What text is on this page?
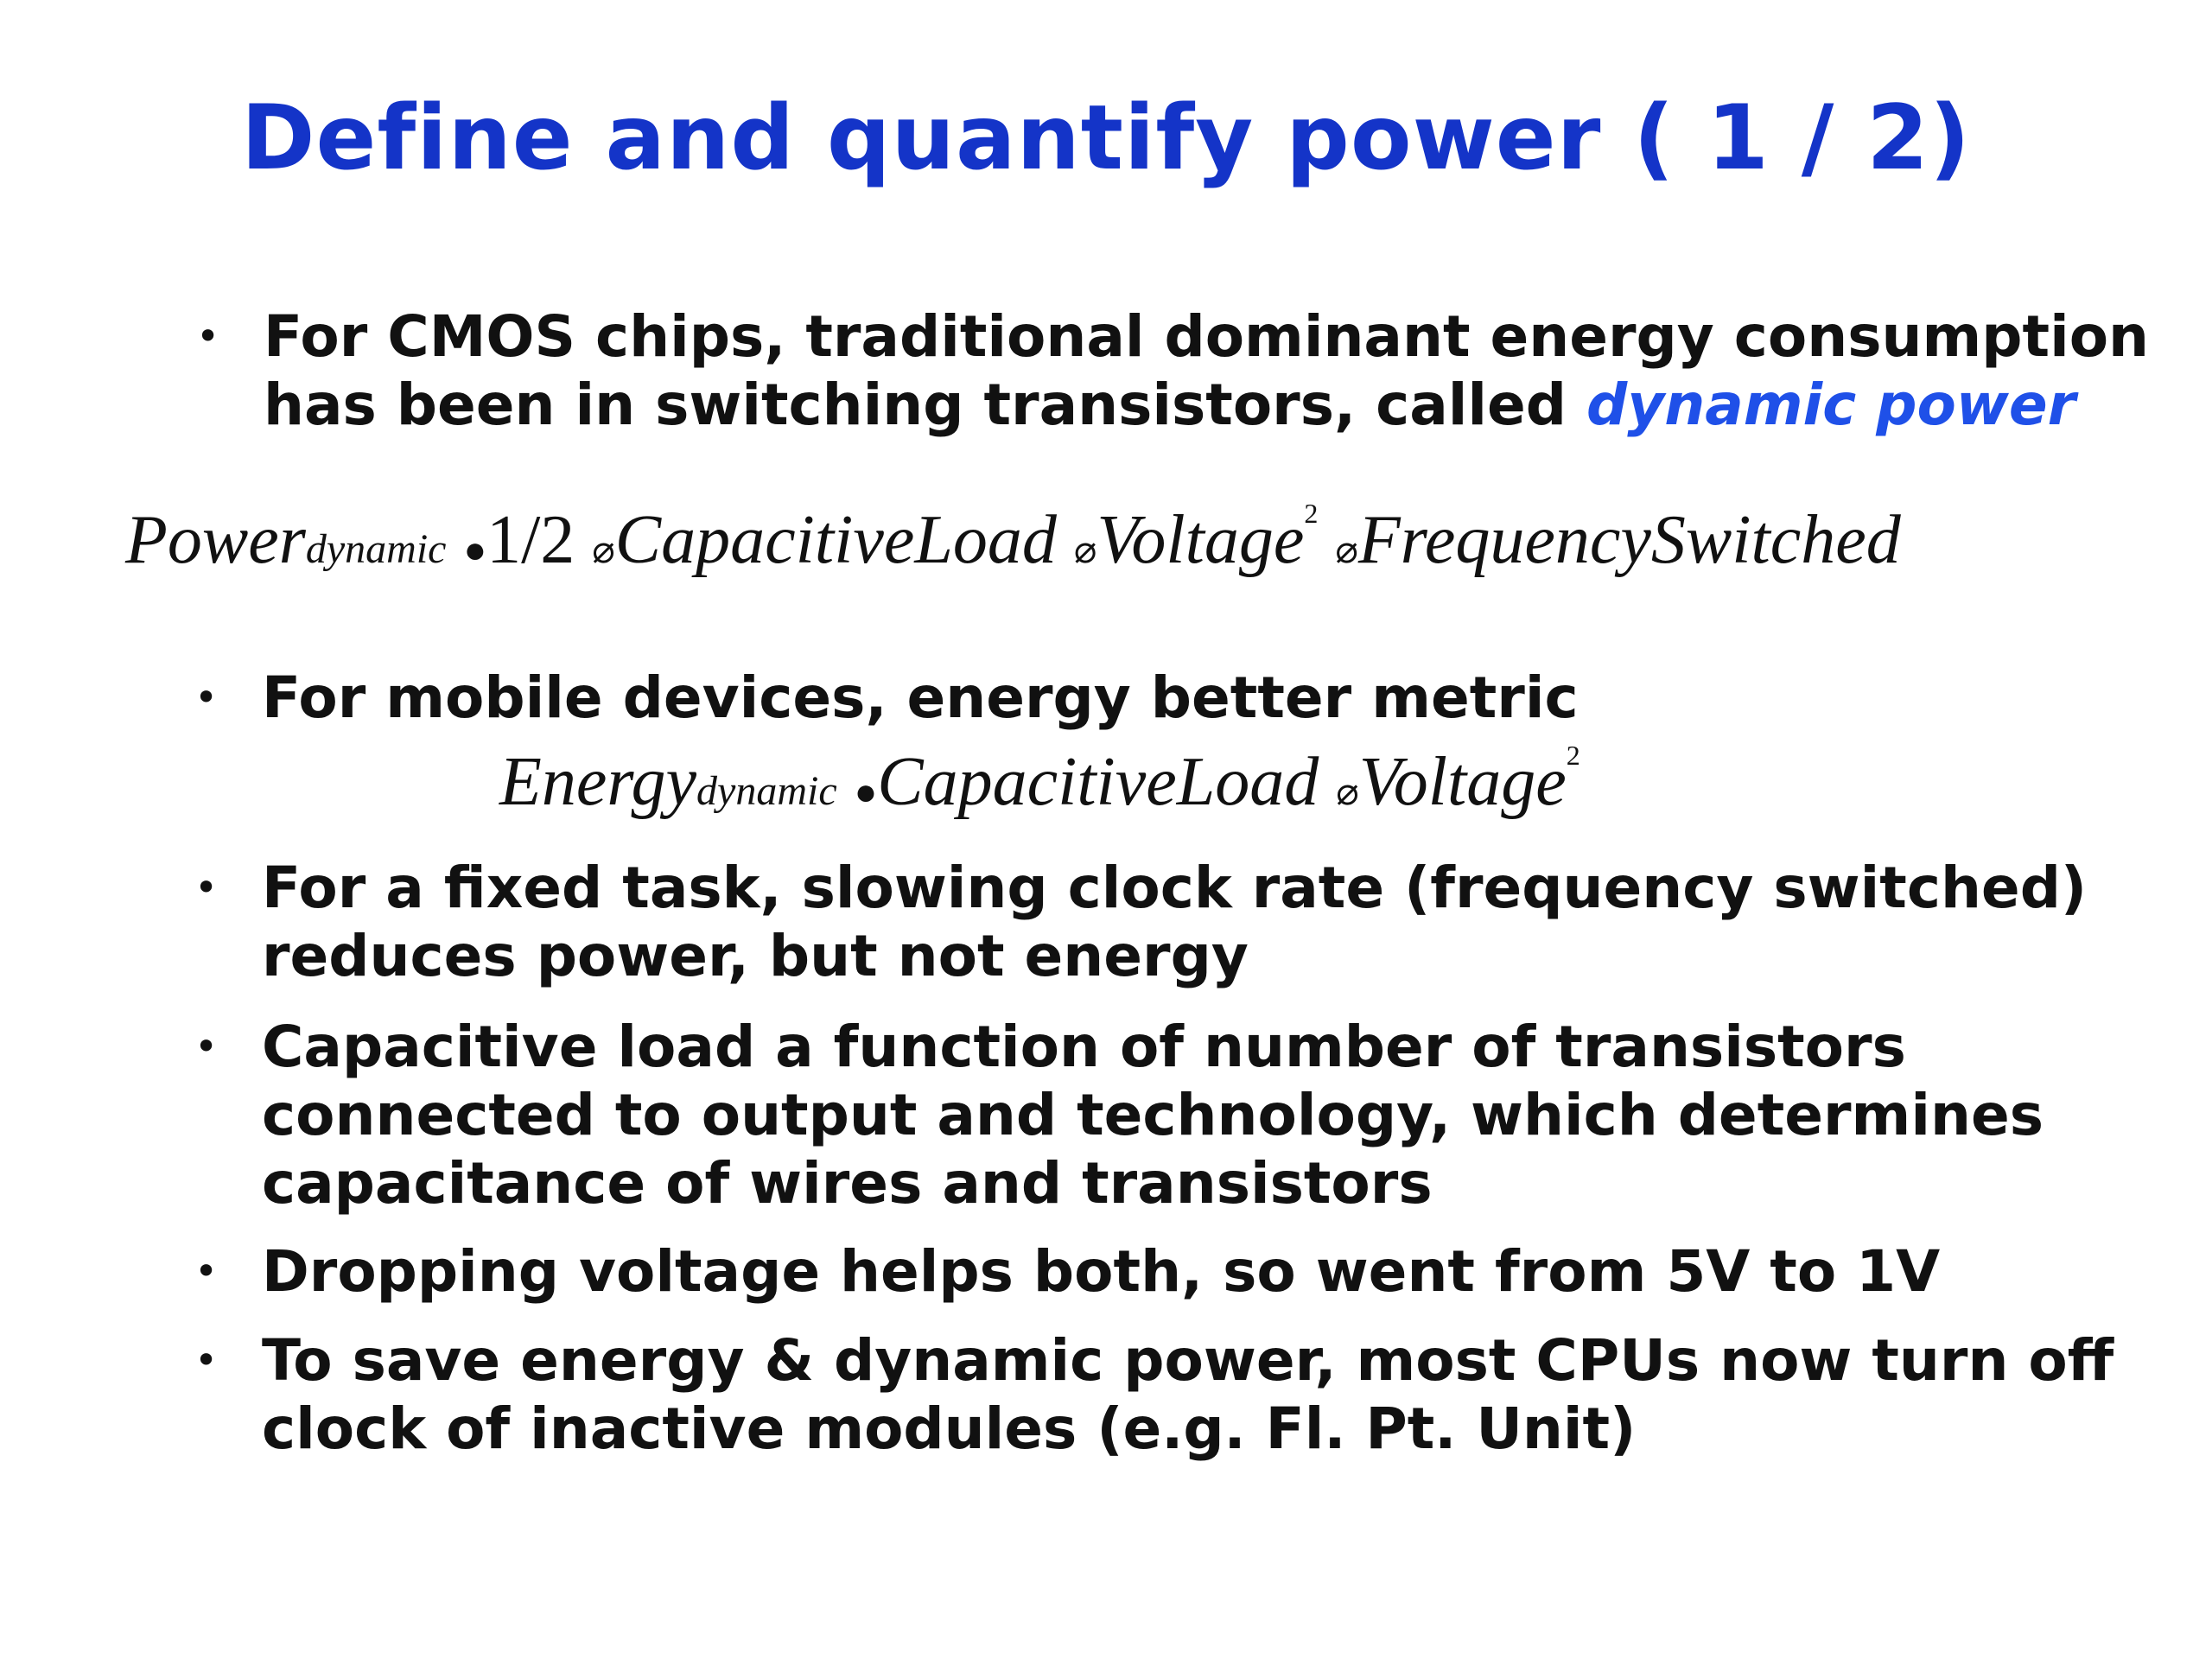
Define and quantify power ( 1 / 2)
• For CMOS chips, traditional dominant energy consumption
has been in switching transistors, called dynamic power
Powerdynamic ●1/2 ⌀CapacitiveLoad ⌀Voltage$^2$ ⌀FrequencySwitched
• For mobile devices, energy better metric
Energydynamic ●CapacitiveLoad ⌀Voltage$^2$
• For a fixed task, slowing clock rate (frequency switched)
reduces power, but not energy
• Capacitive load a function of number of transistors
connected to output and technology, which determines
capacitance of wires and transistors
• Dropping voltage helps both, so went from 5V to 1V
• To save energy & dynamic power, most CPUs now turn off
clock of inactive modules (e.g. Fl. Pt. Unit)
